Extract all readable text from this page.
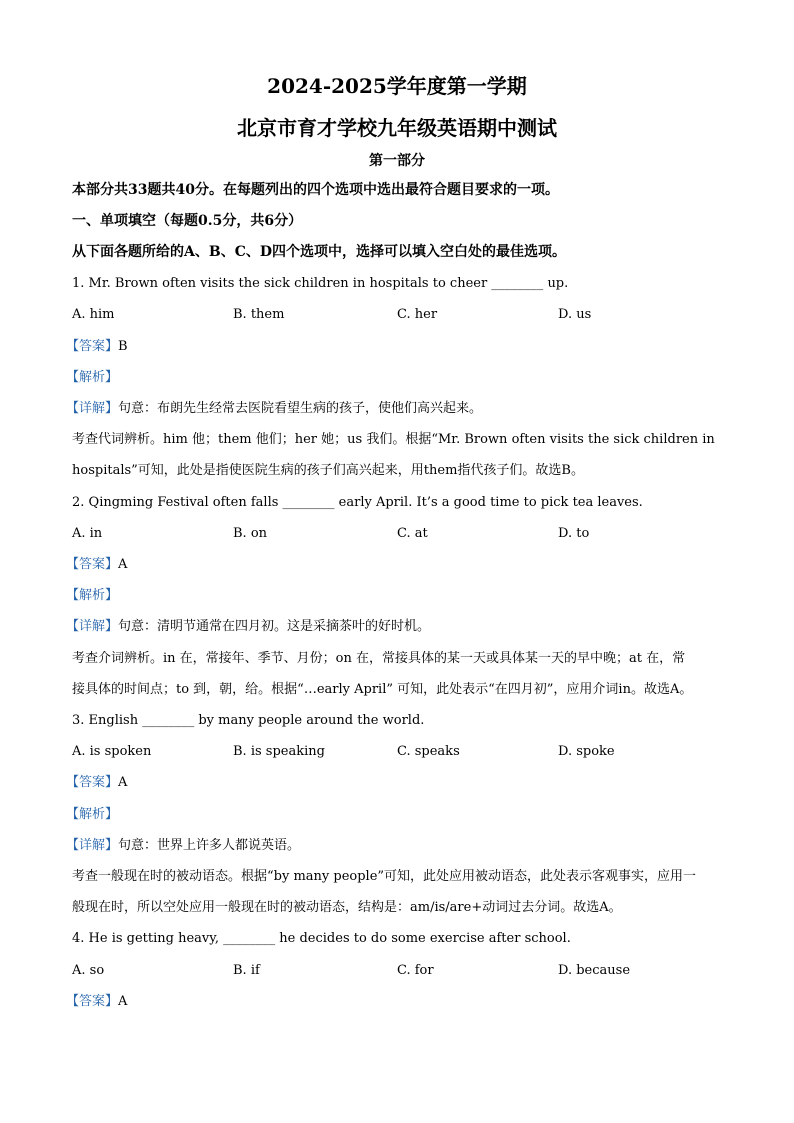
2024-2025学年度第一学期
北京市育才学校九年级英语期中测试
第一部分
本部分共33题共40分。在每题列出的四个选项中选出最符合题目要求的一项。
一、单项填空（每题0.5分，共6分）
从下面各题所给的A、B、C、D四个选项中，选择可以填入空白处的最佳选项。
1. Mr. Brown often visits the sick children in hospitals to cheer ________ up.
A. him	B. them	C. her	D. us
【答案】B
【解析】
【详解】句意：布朗先生经常去医院看望生病的孩子，使他们高兴起来。
考查代词辨析。him 他；them 他们；her 她；us 我们。根据“Mr. Brown often visits the sick children in
hospitals”可知，此处是指使医院生病的孩子们高兴起来，用them指代孩子们。故选B。
2. Qingming Festival often falls ________ early April. It’s a good time to pick tea leaves.
A. in	B. on	C. at	D. to
【答案】A
【解析】
【详解】句意：清明节通常在四月初。这是采摘茶叶的好时机。
考查介词辨析。in 在，常接年、季节、月份；on 在，常接具体的某一天或具体某一天的早中晚；at 在，常
接具体的时间点；to 到，朝，给。根据“…early April” 可知，此处表示“在四月初”，应用介词in。故选A。
3. English ________ by many people around the world.
A. is spoken	B. is speaking	C. speaks	D. spoke
【答案】A
【解析】
【详解】句意：世界上许多人都说英语。
考查一般现在时的被动语态。根据“by many people”可知，此处应用被动语态，此处表示客观事实，应用一
般现在时，所以空处应用一般现在时的被动语态，结构是：am/is/are+动词过去分词。故选A。
4. He is getting heavy, ________ he decides to do some exercise after school.
A. so	B. if	C. for	D. because
【答案】A
